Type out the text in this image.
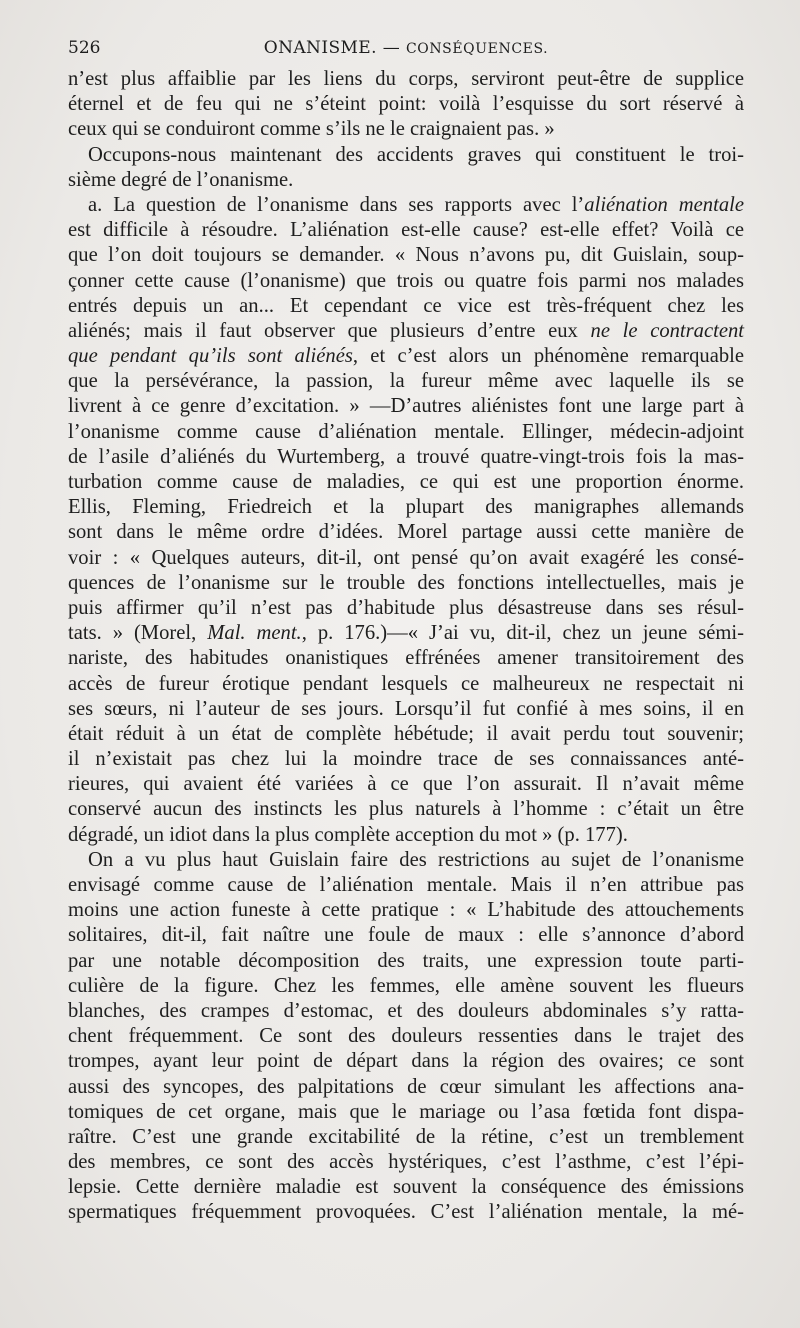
526	ONANISME. — CONSÉQUENCES.
n’est plus affaiblie par les liens du corps, serviront peut-être de supplice
éternel et de feu qui ne s’éteint point: voilà l’esquisse du sort réservé à
ceux qui se conduiront comme s’ils ne le craignaient pas. »
Occupons-nous maintenant des accidents graves qui constituent le troi-
sième degré de l’onanisme.
a. La question de l’onanisme dans ses rapports avec l’aliénation mentale
est difficile à résoudre. L’aliénation est-elle cause? est-elle effet? Voilà ce
que l’on doit toujours se demander. « Nous n’avons pu, dit Guislain, soup-
çonner cette cause (l’onanisme) que trois ou quatre fois parmi nos malades
entrés depuis un an... Et cependant ce vice est très-fréquent chez les
aliénés; mais il faut observer que plusieurs d’entre eux ne le contractent
que pendant qu’ils sont aliénés, et c’est alors un phénomène remarquable
que la persévérance, la passion, la fureur même avec laquelle ils se
livrent à ce genre d’excitation. » —D’autres aliénistes font une large part à
l’onanisme comme cause d’aliénation mentale. Ellinger, médecin-adjoint
de l’asile d’aliénés du Wurtemberg, a trouvé quatre-vingt-trois fois la mas-
turbation comme cause de maladies, ce qui est une proportion énorme.
Ellis, Fleming, Friedreich et la plupart des manigraphes allemands
sont dans le même ordre d’idées. Morel partage aussi cette manière de
voir : « Quelques auteurs, dit-il, ont pensé qu’on avait exagéré les consé-
quences de l’onanisme sur le trouble des fonctions intellectuelles, mais je
puis affirmer qu’il n’est pas d’habitude plus désastreuse dans ses résul-
tats. » (Morel, Mal. ment., p. 176.)—« J’ai vu, dit-il, chez un jeune sémi-
nariste, des habitudes onanistiques effrénées amener transitoirement des
accès de fureur érotique pendant lesquels ce malheureux ne respectait ni
ses sœurs, ni l’auteur de ses jours. Lorsqu’il fut confié à mes soins, il en
était réduit à un état de complète hébétude; il avait perdu tout souvenir;
il n’existait pas chez lui la moindre trace de ses connaissances anté-
rieures, qui avaient été variées à ce que l’on assurait. Il n’avait même
conservé aucun des instincts les plus naturels à l’homme : c’était un être
dégradé, un idiot dans la plus complète acception du mot » (p. 177).
On a vu plus haut Guislain faire des restrictions au sujet de l’onanisme
envisagé comme cause de l’aliénation mentale. Mais il n’en attribue pas
moins une action funeste à cette pratique : « L’habitude des attouchements
solitaires, dit-il, fait naître une foule de maux : elle s’annonce d’abord
par une notable décomposition des traits, une expression toute parti-
culière de la figure. Chez les femmes, elle amène souvent les flueurs
blanches, des crampes d’estomac, et des douleurs abdominales s’y ratta-
chent fréquemment. Ce sont des douleurs ressenties dans le trajet des
trompes, ayant leur point de départ dans la région des ovaires; ce sont
aussi des syncopes, des palpitations de cœur simulant les affections ana-
tomiques de cet organe, mais que le mariage ou l’asa fœtida font dispa-
raître. C’est une grande excitabilité de la rétine, c’est un tremblement
des membres, ce sont des accès hystériques, c’est l’asthme, c’est l’épi-
lepsie. Cette dernière maladie est souvent la conséquence des émissions
spermatiques fréquemment provoquées. C’est l’aliénation mentale, la mé-
